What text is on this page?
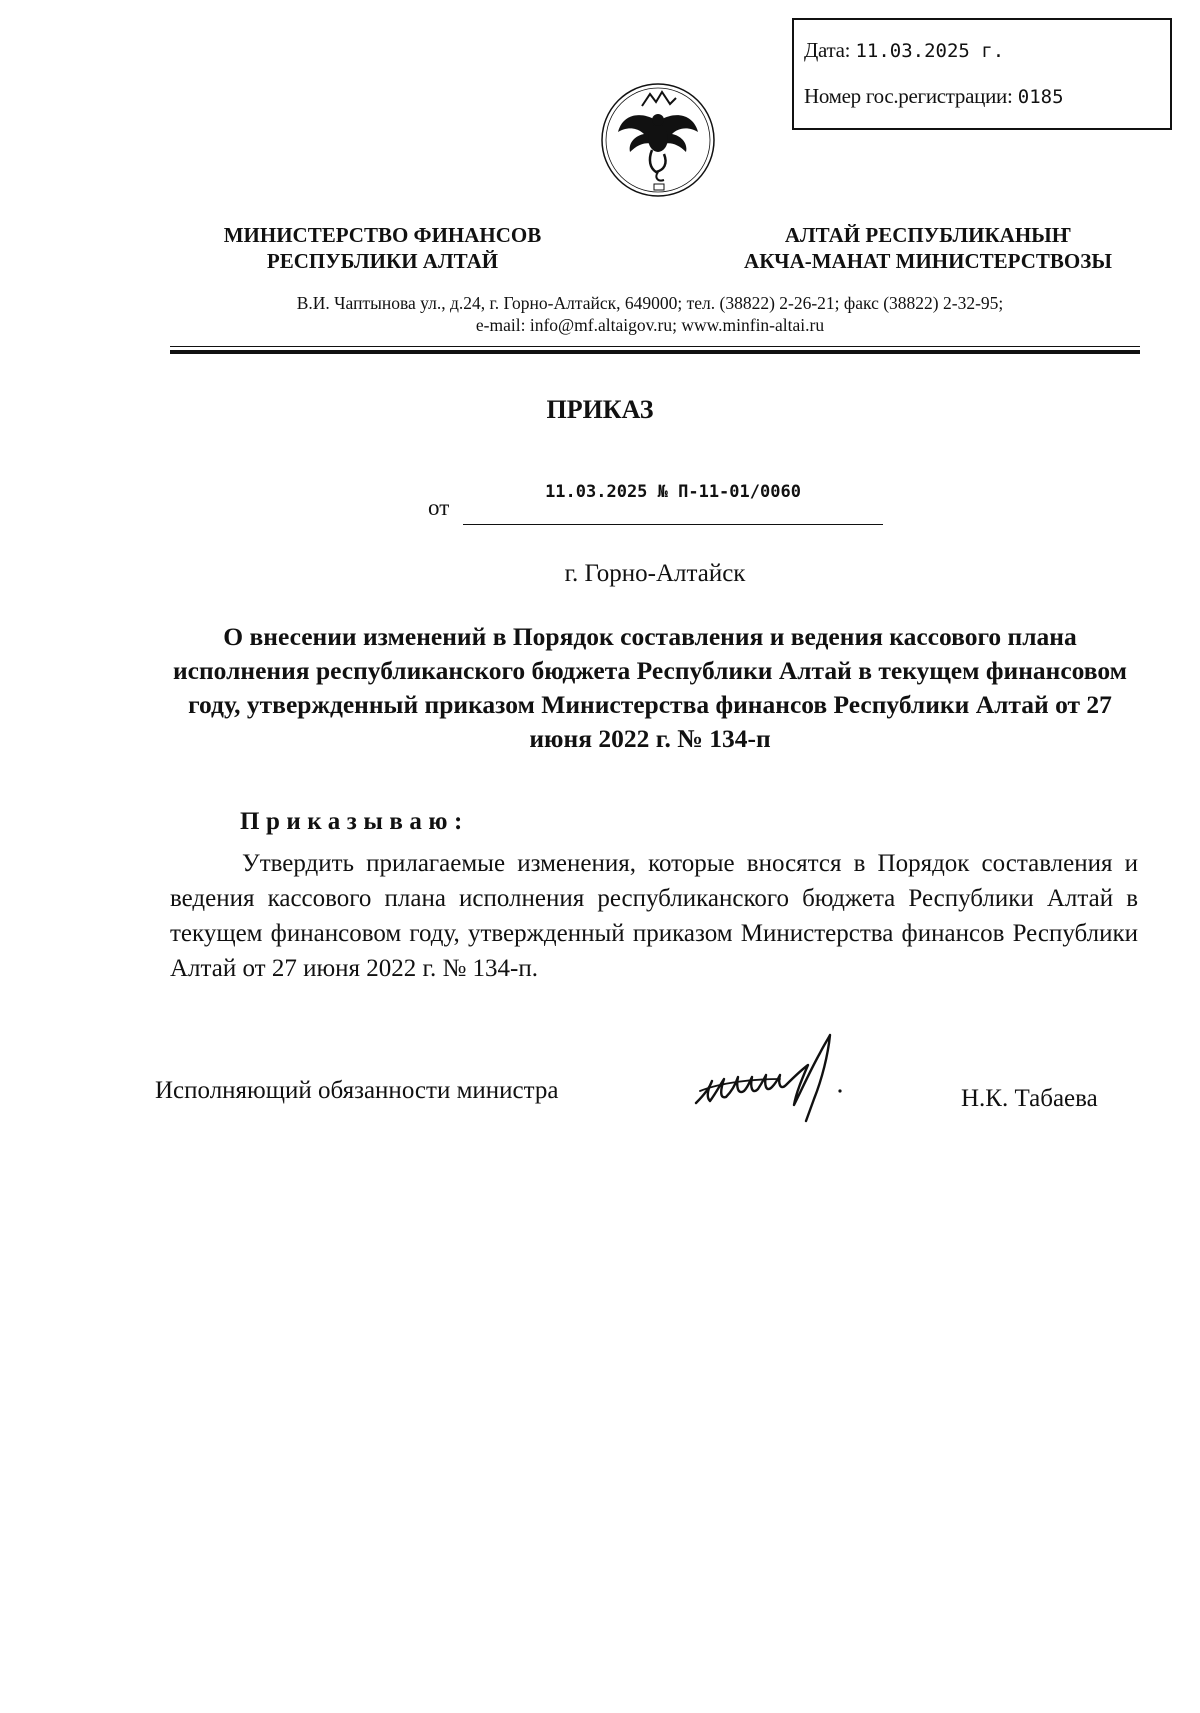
Дата: 11.03.2025 г.
Номер гос.регистрации: 0185
МИНИСТЕРСТВО ФИНАНСОВ
РЕСПУБЛИКИ АЛТАЙ
АЛТАЙ РЕСПУБЛИКАНЫҤ
АКЧА-МАНАТ МИНИСТЕРСТВОЗЫ
В.И. Чаптынова ул., д.24, г. Горно-Алтайск, 649000; тел. (38822) 2-26-21; факс (38822) 2-32-95;
e-mail: info@mf.altaigov.ru; www.minfin-altai.ru
ПРИКАЗ
от
11.03.2025 № П-11-01/0060
г. Горно-Алтайск
О внесении изменений в Порядок составления и ведения кассового плана исполнения республиканского бюджета Республики Алтай в текущем финансовом году, утвержденный приказом Министерства финансов Республики Алтай от 27 июня 2022 г. № 134-п
Приказываю:
Утвердить прилагаемые изменения, которые вносятся в Порядок составления и ведения кассового плана исполнения республиканского бюджета Республики Алтай в текущем финансовом году, утвержденный приказом Министерства финансов Республики Алтай от 27 июня 2022 г. № 134-п.
Исполняющий обязанности министра	Н.К. Табаева
